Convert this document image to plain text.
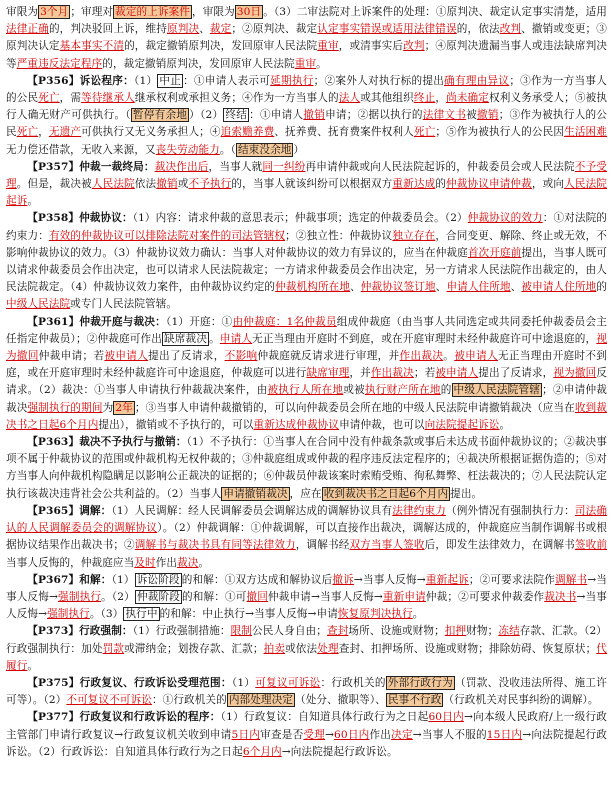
审限为 3个月 ；审理对 裁定的上诉案件 ，审限为 30日 。（3）二审法院对上诉案件的处理：①原判决、裁定认定事实清楚，适用法律正确的，判决驳回上诉，维持原判决、裁定；②原判决、裁定认定事实错误或适用法律错误的，依法改判、撤销或变更；③原判决认定基本事实不清的，裁定撤销原判决，发回原审人民法院重审，或清事实后改判；④原判决遗漏当事人或违法缺席判决等严重违反法定程序的，裁定撤销原判决，发回原审人民法院重审。

【P356】诉讼程序：（1） 中止 ：①申请人表示可延期执行；②案外人对执行标的提出确有理由异议；③作为一方当事人的公民死亡，需等待继承人继承权利或承担义务；④作为一方当事人的法人或其他组织终止，尚未确定权利义务承受人；⑤被执行人确无财产可供执行。（ 暂停有余地 ）（2） 终结 ：①申请人撤销申请；②据以执行的法律文书被撤销；③作为被执行人的公民死亡，无遗产可供执行又无义务承担人；④追索赡养费、抚养费、抚育费案件权利人死亡；⑤作为被执行人的公民因生活困难无力偿还借款，无收入来源，又丧失劳动能力。（ 结束没余地 ）

【P357】仲裁一裁终局：裁决作出后，当事人就同一纠纷再申请仲裁或向人民法院起诉的，仲裁委员会或人民法院不予受理。但是，裁决被人民法院依法撤销或不予执行的，当事人就该纠纷可以根据双方重新达成的仲裁协议申请仲裁，或向人民法院起诉。

【P358】仲裁协议：（1）内容：请求仲裁的意思表示；仲裁事项；选定的仲裁委员会。（2）仲裁协议的效力：①对法院的约束力：有效的仲裁协议可以排除法院对案件的司法管辖权；②独立性：仲裁协议独立存在，合同变更、解除、终止或无效，不影响仲裁协议的效力。（3）仲裁协议效力确认：当事人对仲裁协议的效力有异议的，应当在仲裁庭首次开庭前提出，当事人既可以请求仲裁委员会作出决定，也可以请求人民法院裁定；一方请求仲裁委员会作出决定，另一方请求人民法院作出裁定的，由人民法院裁定。（4）仲裁协议效力案件，由仲裁协议约定的仲裁机构所在地、仲裁协议签订地、申请人住所地、被申请人住所地的中级人民法院或专门人民法院管辖。

【P361】仲裁开庭与裁决：（1）开庭：①由仲裁庭：1名仲裁员组成仲裁庭（由当事人共同选定或共同委托仲裁委员会主任指定仲裁员）；②仲裁庭可作出 缺席裁决 。申请人无正当理由开庭时不到庭，或在开庭审理时未经仲裁庭许可中途退庭的，视为撤回仲裁申请；若被申请人提出了反请求，不影响仲裁庭就反请求进行审理，并作出裁决。被申请人无正当理由开庭时不到庭，或在开庭审理时未经仲裁庭许可中途退庭，仲裁庭可以进行缺席审理，并作出裁决；若被申请人提出了反请求，视为撤回反请求。（2）裁决：①当事人申请执行仲裁裁决案件，由被执行人所在地或被执行财产所在地的 中级人民法院管辖 ；②申请仲裁裁决强制执行的期间为 2年 ；③当事人申请仲裁撤销的，可以向仲裁委员会所在地的中级人民法院申请撤销裁决（应当在收到裁决书之日起6个月内提出），撤销或不予执行的，可以重新达成仲裁协议申请仲裁，也可以向法院提起诉讼。

【P363】裁决不予执行与撤销：（1）不予执行：①当事人在合同中没有仲裁条款或事后未达成书面仲裁协议的；②裁决事项不属于仲裁协议的范围或仲裁机构无权仲裁的；③仲裁庭组成或仲裁的程序违反法定程序的；④裁决所根据证据伪造的；⑤对方当事人向仲裁机构隐瞒足以影响公正裁决的证据的；⑥仲裁员仲裁该案时索贿受贿、徇私舞弊、枉法裁决的；⑦人民法院认定执行该裁决违背社会公共利益的。（2）当事人 申请撤销裁决 ，应在 收到裁决书之日起6个月内 提出。

【P365】调解：（1）人民调解：经人民调解委员会调解达成的调解协议具有法律约束力（例外情况有强制执行力：司法确认的人民调解委员会的调解协议）。（2）仲裁调解：①仲裁调解，可以直接作出裁决，调解达成的，仲裁庭应当制作调解书或根据协议结果作出裁决书；②调解书与裁决书具有同等法律效力，调解书经双方当事人签收后，即发生法律效力，在调解书签收前当事人反悔的，仲裁庭应当及时作出裁决。

【P367】和解：（1） 诉讼阶段 的和解：①双方达成和解协议后撤诉→当事人反悔→重新起诉；②可要求法院作调解书→当事人反悔→强制执行。（2） 仲裁阶段 的和解：①可撤回仲裁申请→当事人反悔→重新申请仲裁；②可要求仲裁委作裁决书→当事人反悔→强制执行。（3） 执行中 的和解：中止执行→当事人反悔→申请恢复原判决执行。

【P373】行政强制：（1）行政强制措施：限制公民人身自由；查封场所、设施或财物；扣押财物；冻结存款、汇款。（2）行政强制执行：加处罚款或滞纳金；划拨存款、汇款；拍卖或依法处理查封、扣押场所、设施或财物；排除妨碍、恢复原状；代履行。

【P375】行政复议、行政诉讼受理范围：（1）可复议可诉讼：行政机关的 外部行政行为 （罚款、没收违法所得、施工许可等）。（2）不可复议不可诉讼：①行政机关的 内部处理决定 （处分、撤职等）、 民事不行政 （行政机关对民事纠纷的调解）。

【P377】行政复议和行政诉讼的程序：（1）行政复议：自知道具体行政行为之日起60日内→向本级人民政府/上一级行政主管部门申请行政复议→行政复议机关收到申请5日内审查是否受理→60日内作出决定→当事人不服的15日内→向法院提起行政诉讼。（2）行政诉讼：自知道具体行政行为之日起6个月内→向法院提起行政诉讼。
